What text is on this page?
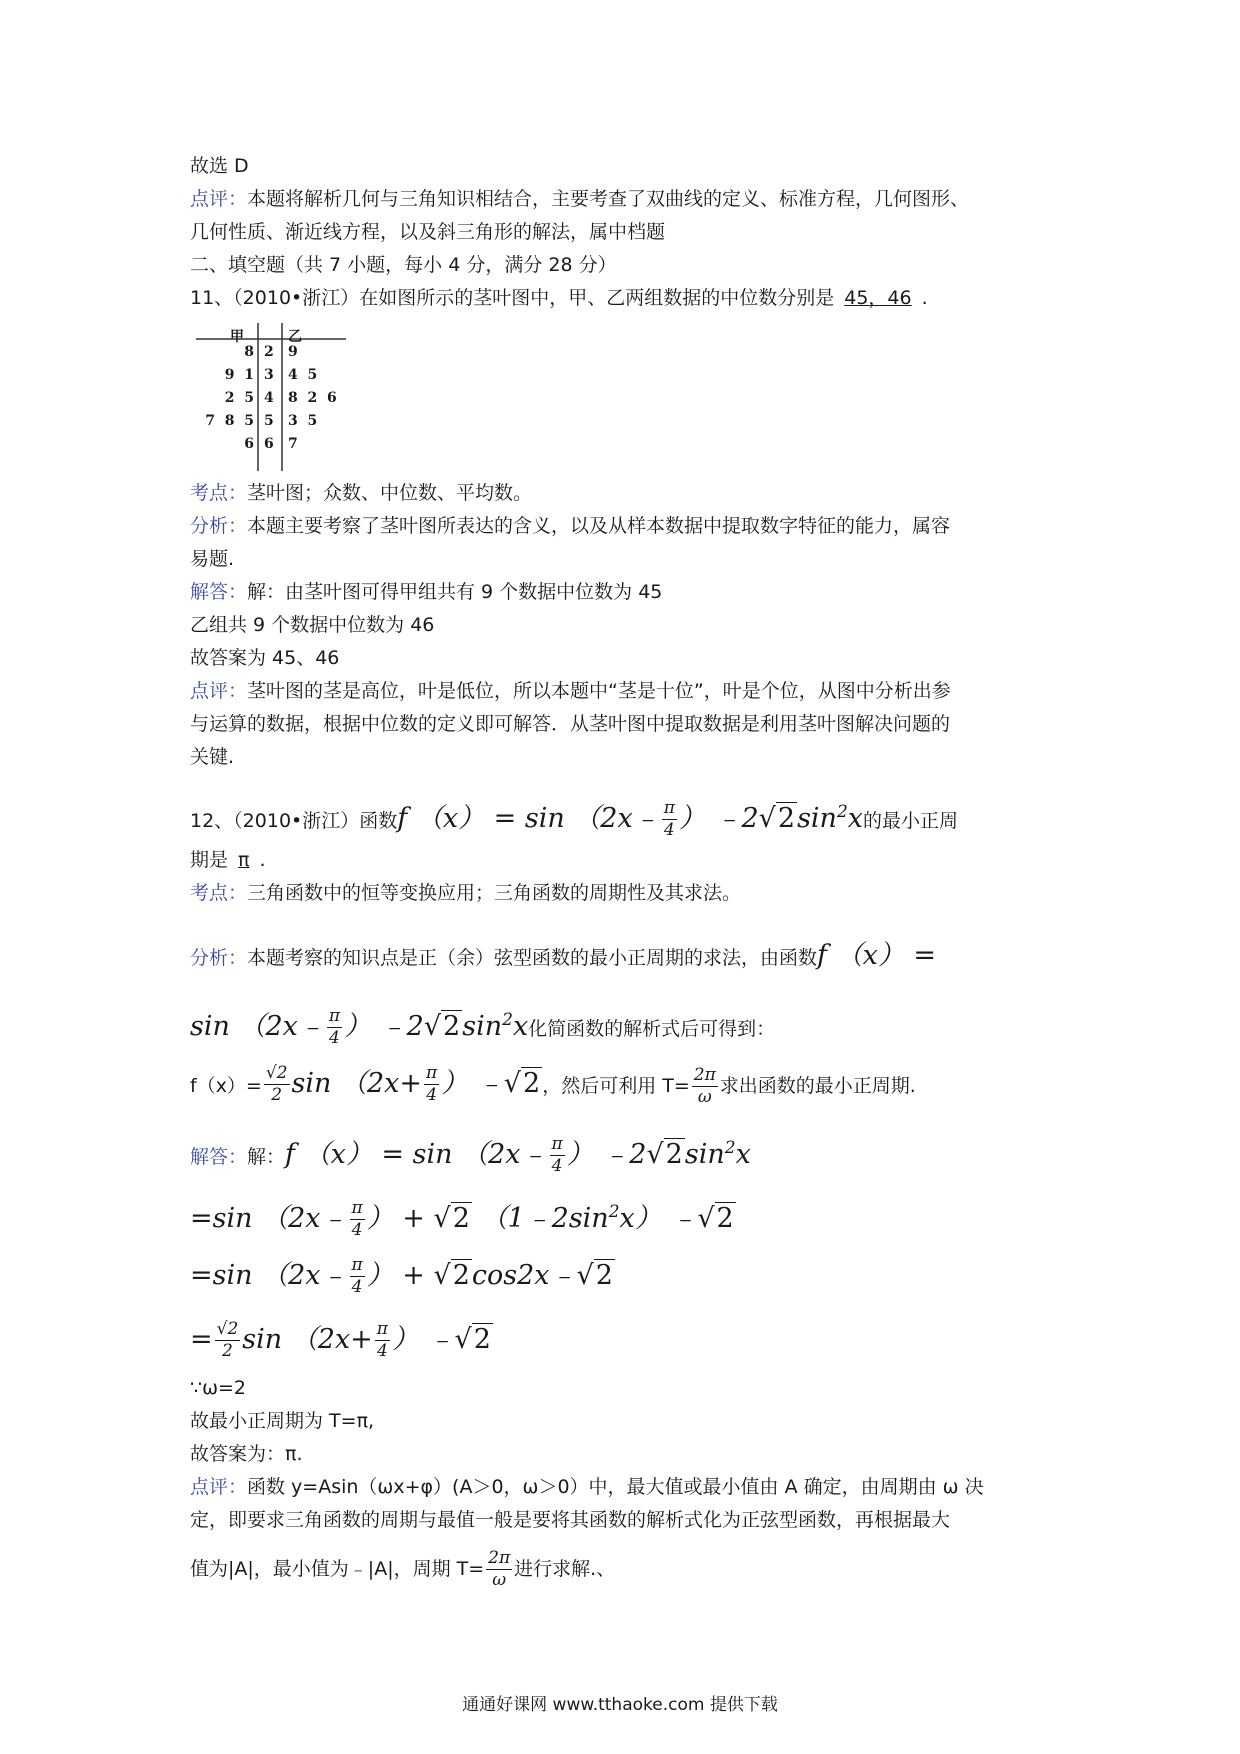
故选 D
点评：本题将解析几何与三角知识相结合，主要考查了双曲线的定义、标准方程，几何图形、
几何性质、渐近线方程，以及斜三角形的解法，属中档题
二、填空题（共 7 小题，每小 4 分，满分 28 分）
11、（2010•浙江）在如图所示的茎叶图中，甲、乙两组数据的中位数分别是 45，46 .
甲	乙
8 2 9
9  1 3 4  5
2  5 4 8  2  6
7  8  5 5 3  5
6 6 7
考点：茎叶图；众数、中位数、平均数。
分析：本题主要考察了茎叶图所表达的含义，以及从样本数据中提取数字特征的能力，属容
易题.
解答：解：由茎叶图可得甲组共有 9 个数据中位数为 45
乙组共 9 个数据中位数为 46
故答案为 45、46
点评：茎叶图的茎是高位，叶是低位，所以本题中“茎是十位”，叶是个位，从图中分析出参
与运算的数据，根据中位数的定义即可解答．从茎叶图中提取数据是利用茎叶图解决问题的
关键.
12、（2010•浙江）函数f （x） = sin （2x﹣ $\frac{\pi}{4}$ ） $﹣2√2\sin^2x$的最小正周
期是 π .
考点：三角函数中的恒等变换应用；三角函数的周期性及其求法。
分析：本题考察的知识点是正（余）弦型函数的最小正周期的求法，由函数f （x） =
sin （2x﹣ $\frac{\pi}{4}$ ） $﹣2√2\sin^2x$化简函数的解析式后可得到：
$f(x)= \frac{√2}{2}$ $\sin (2x+ \frac{\pi}{4}$ ） ﹣√2 ，然后可利用 $T= \frac{2\pi}{\omega}$ 求出函数的最小正周期.
解答：解：f （x） = sin （2x﹣ $\frac{\pi}{4}$ ） $﹣2√2\sin^2x$
=sin （2x﹣ $\frac{\pi}{4}$ ） + √2 $(1﹣2\sin^2x)$ ﹣√2
=sin （2x﹣ $\frac{\pi}{4}$ ） + √2cos2x﹣√2
= $\frac{√2}{2}$ $\sin (2x+ \frac{\pi}{4}$ ） ﹣√2
∵ω=2
故最小正周期为 T=π,
故答案为：π.
点评：函数 y=Asin（ωx+φ）(A＞0，ω＞0）中，最大值或最小值由 A 确定，由周期由 ω 决
定，即要求三角函数的周期与最值一般是要将其函数的解析式化为正弦型函数，再根据最大
值为|A|，最小值为﹣|A|，周期 $T= \frac{2\pi}{\omega}$ 进行求解.、
通通好课网 www.tthaoke.com 提供下载
